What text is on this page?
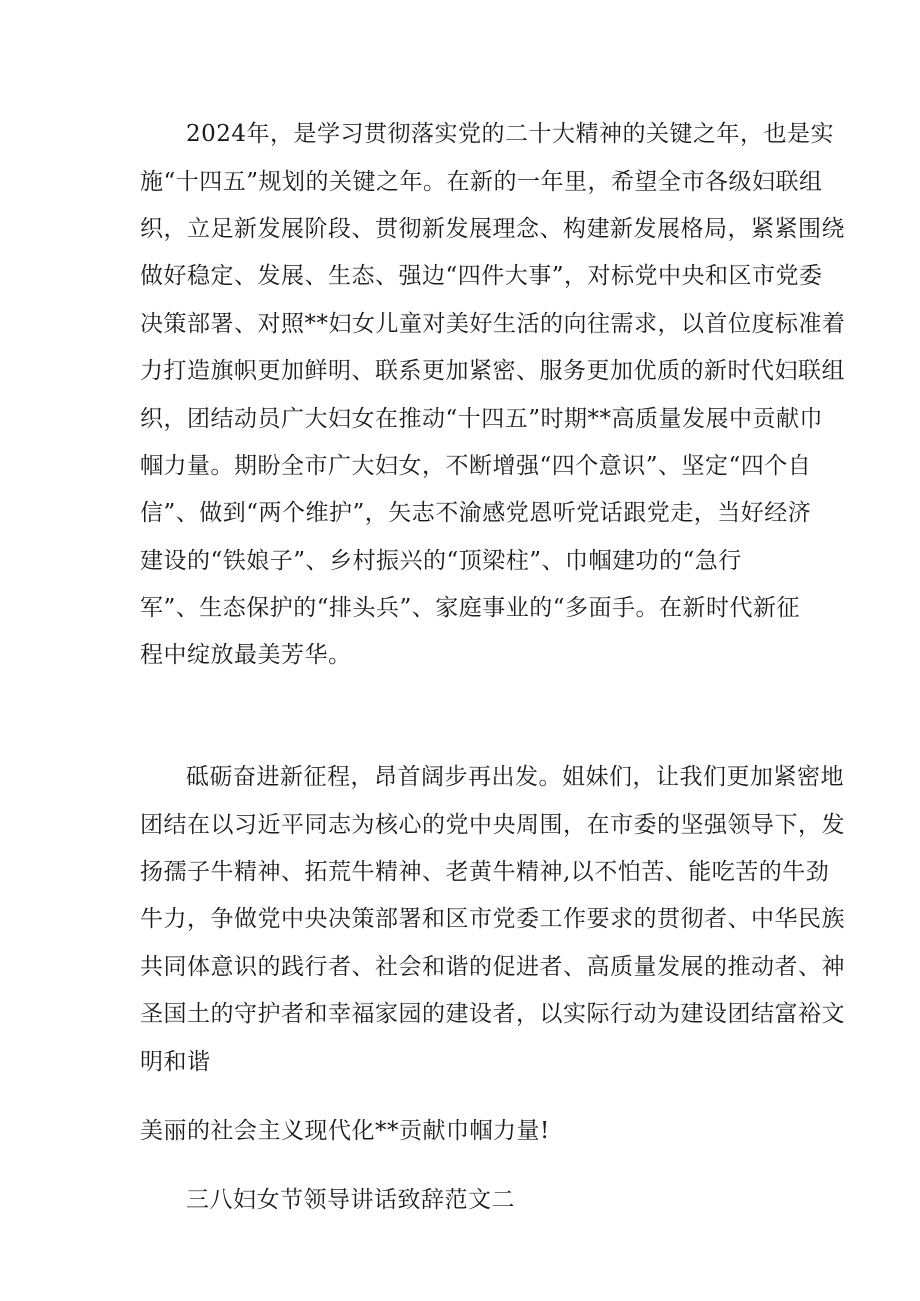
2024年，是学习贯彻落实党的二十大精神的关键之年，也是实
施“十四五”规划的关键之年。在新的一年里，希望全市各级妇联组
织，立足新发展阶段、贯彻新发展理念、构建新发展格局，紧紧围绕
做好稳定、发展、生态、强边“四件大事”，对标党中央和区市党委
决策部署、对照**妇女儿童对美好生活的向往需求，以首位度标准着
力打造旗帜更加鲜明、联系更加紧密、服务更加优质的新时代妇联组
织，团结动员广大妇女在推动“十四五”时期**高质量发展中贡献巾
帼力量。期盼全市广大妇女，不断增强“四个意识”、坚定“四个自
信”、做到“两个维护”，矢志不渝感党恩听党话跟党走，当好经济
建设的“铁娘子”、乡村振兴的“顶梁柱”、巾帼建功的“急行
军”、生态保护的“排头兵”、家庭事业的“多面手。在新时代新征
程中绽放最美芳华。
砥砺奋进新征程，昂首阔步再出发。姐妹们，让我们更加紧密地
团结在以习近平同志为核心的党中央周围，在市委的坚强领导下，发
扬孺子牛精神、拓荒牛精神、老黄牛精神,以不怕苦、能吃苦的牛劲
牛力，争做党中央决策部署和区市党委工作要求的贯彻者、中华民族
共同体意识的践行者、社会和谐的促进者、高质量发展的推动者、神
圣国土的守护者和幸福家园的建设者，以实际行动为建设团结富裕文
明和谐
美丽的社会主义现代化**贡献巾帼力量!
三八妇女节领导讲话致辞范文二
